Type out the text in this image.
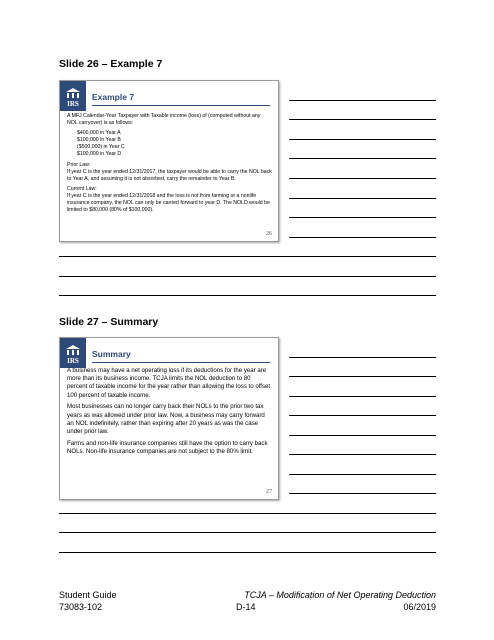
Slide 26 – Example 7
IRS
Example 7

A MFJ Calendar-Year Taxpayer with Taxable income (loss) of (computed without any NOL carryover) is as follows:

$400,000 in Year A
$100,000 in Year B
($500,000) in Year C
$100,000 in Year D
Prior Law:

If year C is the year ended 12/31/2017, the taxpayer would be able to carry the NOL back to Year A, and assuming it is not absorbed, carry the remainder to Year B.

Current Law:

If year C is the year ended 12/31/2018 and the loss is not from farming or a nonlife insurance company, the NOL can only be carried forward to year D. The NOLD would be limited to $80,000 (80% of $100,000).

26
Slide 27 – Summary
IRS
Summary

A business may have a net operating loss if its deductions for the year are more than its business income. TCJA limits the NOL deduction to 80 percent of taxable income for the year rather than allowing the loss to offset 100 percent of taxable income.

Most businesses can no longer carry back their NOLs to the prior two tax years as was allowed under prior law. Now, a business may carry forward an NOL indefinitely, rather than expiring after 20 years as was the case under prior law.

Farms and non-life insurance companies still have the option to carry back NOLs. Non-life insurance companies are not subject to the 80% limit.

27
Student Guide
73083-102
TCJA – Modification of Net Operating Deduction
D-14	06/2019
